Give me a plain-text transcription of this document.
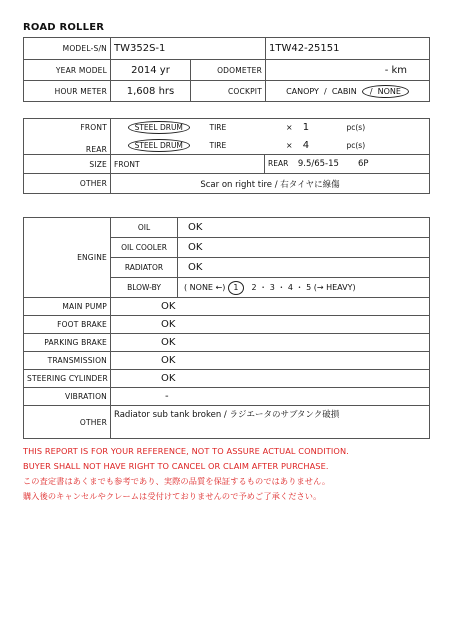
ROAD ROLLER
MODEL-S/N	TW352S-1		1TW42-25151
YEAR MODEL	2014 yr	ODOMETER	- km
HOUR METER	1,608 hrs	COCKPIT	CANOPY / CABIN / NONE
FRONT	STEEL DRUM	TIRE	× 1	pc(s)
REAR	STEEL DRUM	TIRE	× 4	pc(s)
SIZE	FRONT		REAR 9.5/65-15 6P	
OTHER	Scar on right tire / 右タイヤに線傷			
ENGINE	OIL	OK
	OIL COOLER	OK
	RADIATOR	OK
	BLOW-BY	( NONE ←) 1 2 ・ 3 ・ 4 ・ 5 (→ HEAVY)
MAIN PUMP	OK	
FOOT BRAKE	OK	
PARKING BRAKE	OK	
TRANSMISSION	OK	
STEERING CYLINDER	OK	
VIBRATION	-	
OTHER	Radiator sub tank broken / ラジエータのサブタンク破損	
THIS REPORT IS FOR YOUR REFERENCE, NOT TO ASSURE ACTUAL CONDITION.
BUYER SHALL NOT HAVE RIGHT TO CANCEL OR CLAIM AFTER PURCHASE.
この査定書はあくまでも参考であり、実際の品質を保証するものではありません。
購入後のキャンセルやクレームは受付けておりませんので予めご了承ください。
